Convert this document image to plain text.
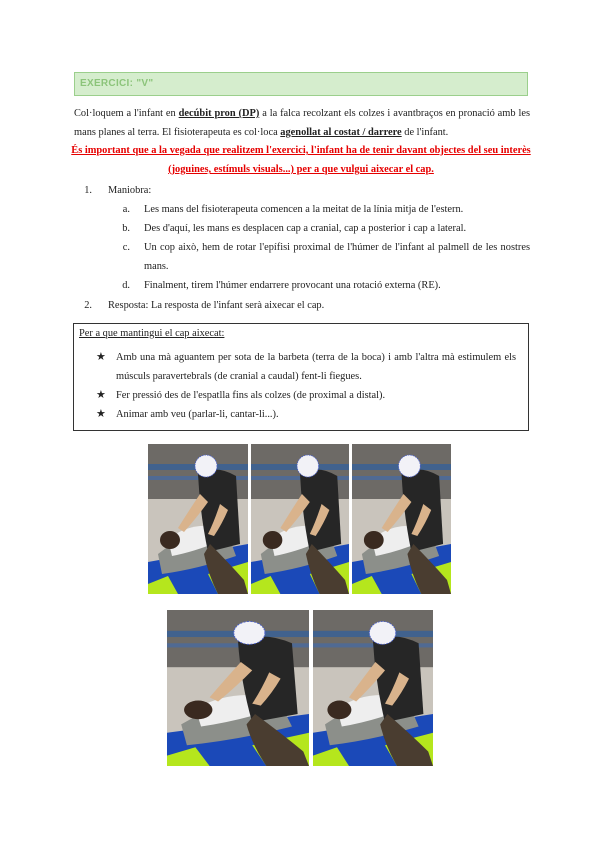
EXERCICI: "V"
Col·loquem a l'infant en decúbit pron (DP) a la falca recolzant els colzes i avantbraços en pronació amb les mans planes al terra. El fisioterapeuta es col·loca agenollat al costat / darrere de l'infant.
És important que a la vegada que realitzem l'exercici, l'infant ha de tenir davant objectes del seu interès (joguines, estímuls visuals...) per a que vulgui aixecar el cap.
1. Maniobra:
a. Les mans del fisioterapeuta comencen a la meitat de la línia mitja de l'estern.
b. Des d'aquí, les mans es desplacen cap a cranial, cap a posterior i cap a lateral.
c. Un cop això, hem de rotar l'epífisi proximal de l'húmer de l'infant al palmell de les nostres mans.
d. Finalment, tirem l'húmer endarrere provocant una rotació externa (RE).
2. Resposta: La resposta de l'infant serà aixecar el cap.
Per a que mantingui el cap aixecat:
★ Amb una mà aguantem per sota de la barbeta (terra de la boca) i amb l'altra mà estimulem els músculs paravertebrals (de cranial a caudal) fent-li fiegues.
★ Fer pressió des de l'espatlla fins als colzes (de proximal a distal).
★ Animar amb veu (parlar-li, cantar-li...).
